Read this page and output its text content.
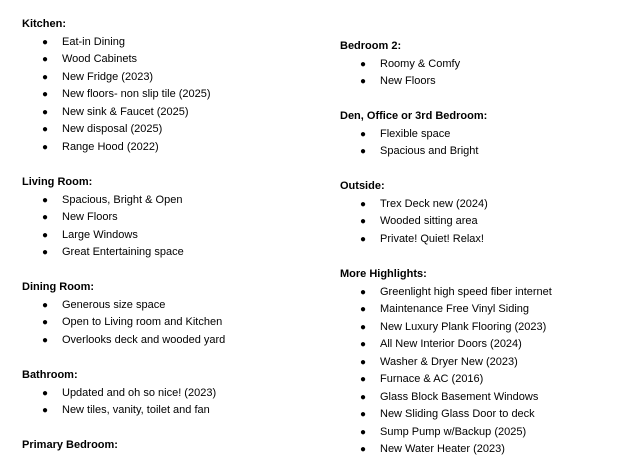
Kitchen:

● Eat-in Dining
● Wood Cabinets
● New Fridge (2023)
● New floors- non slip tile (2025)
● New sink & Faucet (2025)
● New disposal (2025)
● Range Hood (2022)

Living Room:

● Spacious, Bright & Open
● New Floors
● Large Windows
● Great Entertaining space

Dining Room:

● Generous size space
● Open to Living room and Kitchen
● Overlooks deck and wooded yard

Bathroom:

● Updated and oh so nice! (2023)
● New tiles, vanity, toilet and fan

Primary Bedroom:

Bedroom 2:

● Roomy & Comfy
● New Floors

Den, Office or 3rd Bedroom:

● Flexible space
● Spacious and Bright

Outside:

● Trex Deck new (2024)
● Wooded sitting area
● Private! Quiet! Relax!

More Highlights:

● Greenlight high speed fiber internet
● Maintenance Free Vinyl Siding
● New Luxury Plank Flooring (2023)
● All New Interior Doors (2024)
● Washer & Dryer New (2023)
● Furnace & AC (2016)
● Glass Block Basement Windows
● New Sliding Glass Door to deck
● Sump Pump w/Backup (2025)
● New Water Heater (2023)
